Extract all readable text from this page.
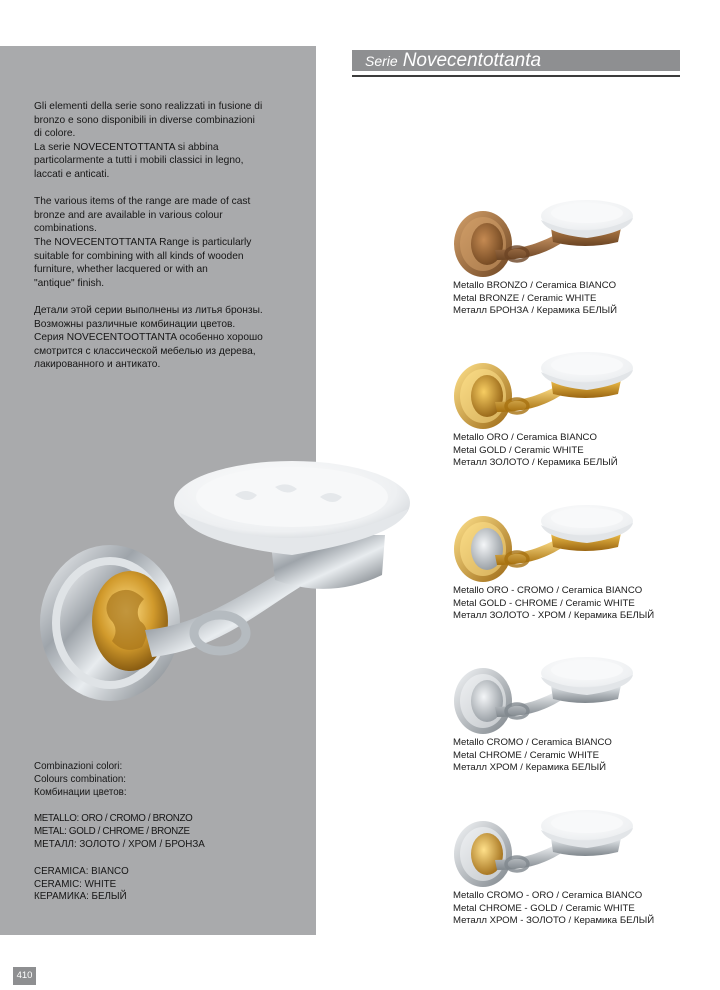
Gli elementi della serie sono realizzati in fusione di
bronzo e sono disponibili in diverse combinazioni
di colore.
La serie NOVECENTOTTANTA si abbina
particolarmente a tutti i mobili classici in legno,
laccati e anticati.

The various items of the range are made of cast
bronze and are available in various colour
combinations.
The NOVECENTOTTANTA Range is particularly
suitable for combining with all kinds of wooden
furniture, whether lacquered or with an
"antique" finish.

Детали этой серии выполнены из литья бронзы.
Возможны различные комбинации цветов.
Серия NOVECENTOOTTANTA особенно хорошо
смотрится с классической мебелью из дерева,
лакированного и антикато.

Combinazioni colori:
Colours combination:
Комбинации цветов:
METALLO: ORO / CROMO / BRONZO
METAL: GOLD / CHROME / BRONZE
МЕТАЛЛ: ЗОЛОТО / ХРОМ / БРОНЗА
CERAMICA: BIANCO
CERAMIC: WHITE
КЕРАМИКА: БЕЛЫЙ
Serie Novecentottanta
Metallo BRONZO / Ceramica BIANCO
Metal BRONZE / Ceramic WHITE
Металл БРОНЗА / Керамика БЕЛЫЙ
Metallo ORO / Ceramica BIANCO
Metal GOLD / Ceramic WHITE
Металл ЗОЛОТО / Керамика БЕЛЫЙ
Metallo ORO - CROMO / Ceramica BIANCO
Metal GOLD - CHROME / Ceramic WHITE
Металл ЗОЛОТО - ХРОМ / Керамика БЕЛЫЙ
Metallo CROMO / Ceramica BIANCO
Metal CHROME / Ceramic WHITE
Металл ХРОМ / Керамика БЕЛЫЙ
Metallo CROMO - ORO / Ceramica BIANCO
Metal CHROME - GOLD / Ceramic WHITE
Металл ХРОМ - ЗОЛОТО / Керамика БЕЛЫЙ
410
